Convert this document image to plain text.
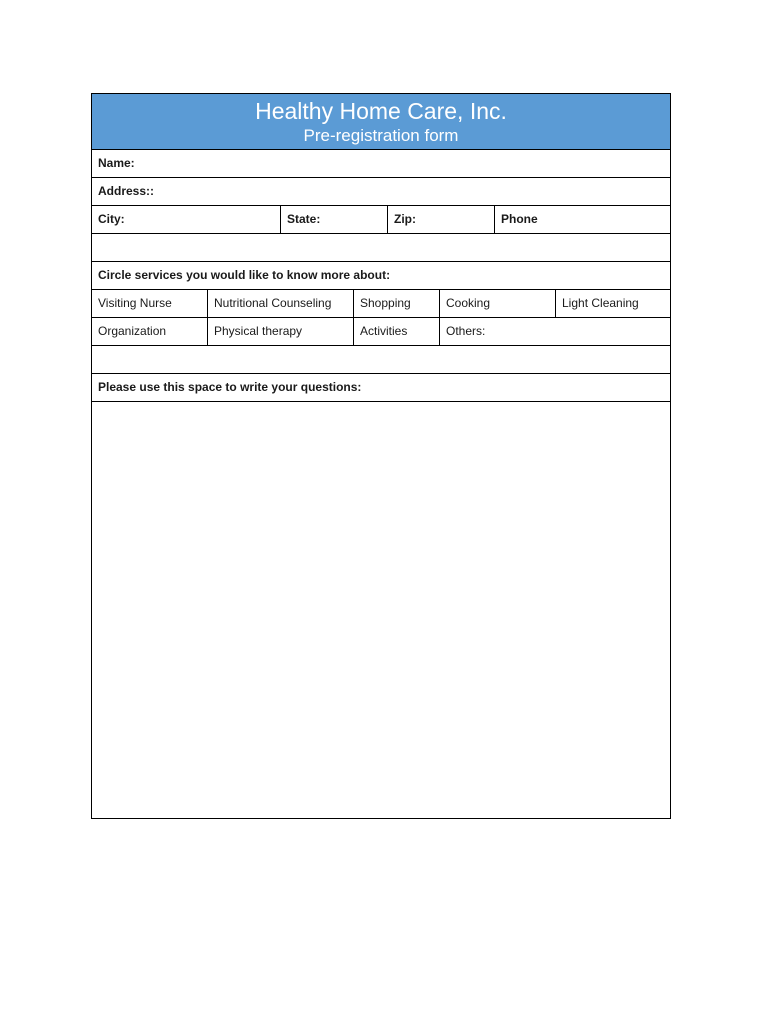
Healthy Home Care, Inc.
Pre-registration form
Name:
Address::
City:	State:	Zip:	Phone
Circle services you would like to know more about:
Visiting Nurse	Nutritional Counseling	Shopping	Cooking	Light Cleaning
Organization	Physical therapy	Activities	Others:
Please use this space to write your questions:
